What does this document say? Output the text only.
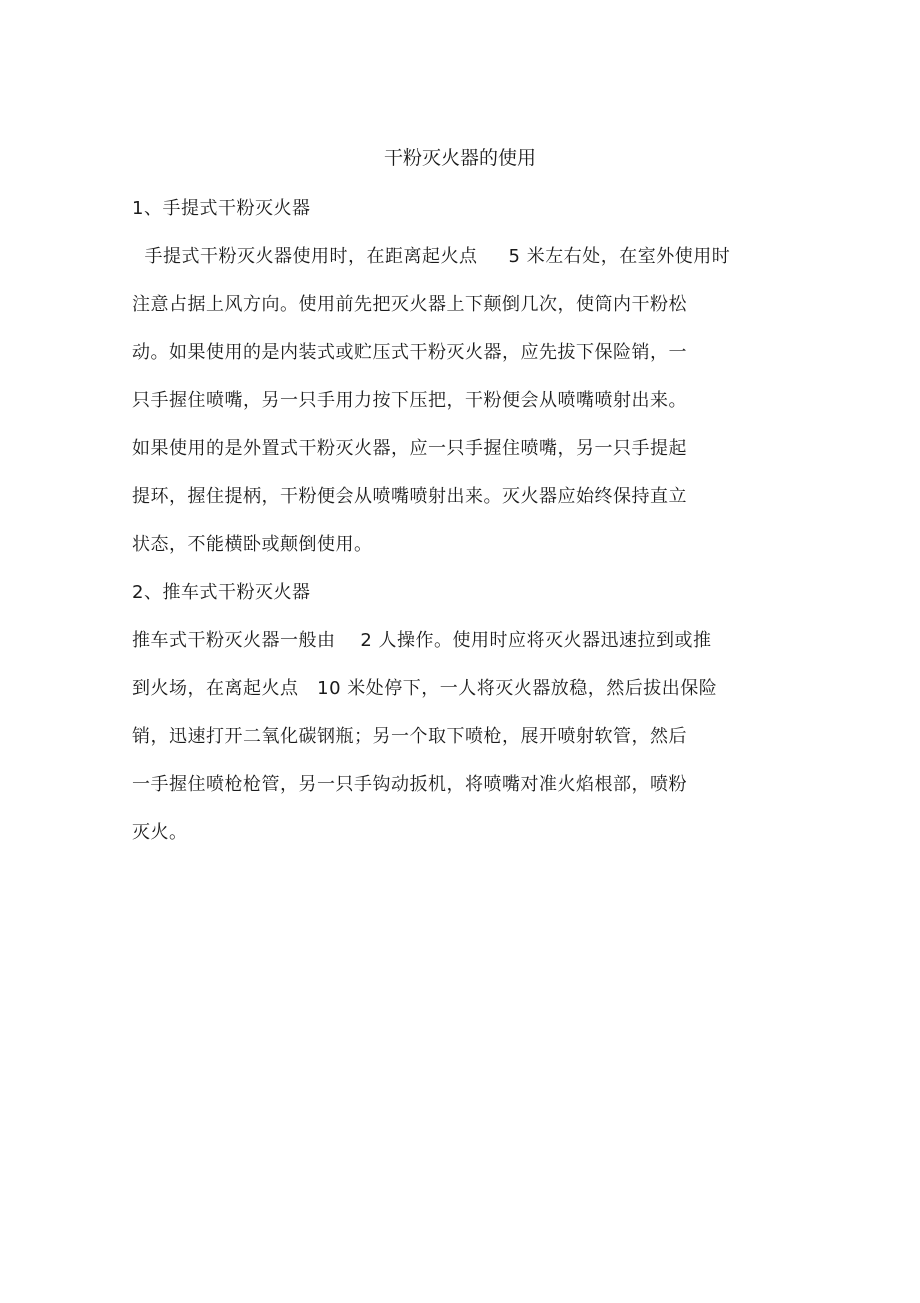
干粉灭火器的使用
1、手提式干粉灭火器
手提式干粉灭火器使用时，在距离起火点     5 米左右处，在室外使用时
注意占据上风方向。使用前先把灭火器上下颠倒几次，使筒内干粉松
动。如果使用的是内装式或贮压式干粉灭火器，应先拔下保险销，一
只手握住喷嘴，另一只手用力按下压把，干粉便会从喷嘴喷射出来。
如果使用的是外置式干粉灭火器，应一只手握住喷嘴，另一只手提起
提环，握住提柄，干粉便会从喷嘴喷射出来。灭火器应始终保持直立
状态，不能横卧或颠倒使用。
2、推车式干粉灭火器
推车式干粉灭火器一般由    2 人操作。使用时应将灭火器迅速拉到或推
到火场，在离起火点   10 米处停下，一人将灭火器放稳，然后拔出保险
销，迅速打开二氧化碳钢瓶；另一个取下喷枪，展开喷射软管，然后
一手握住喷枪枪管，另一只手钩动扳机，将喷嘴对准火焰根部，喷粉
灭火。
